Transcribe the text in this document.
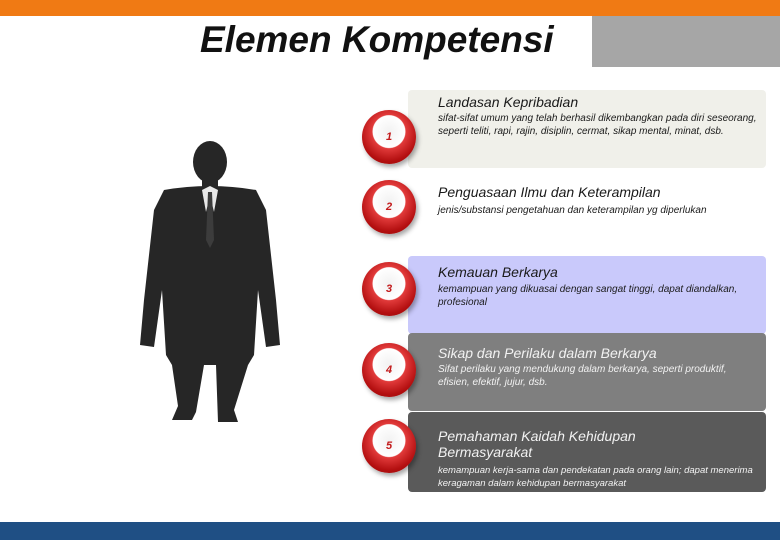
Elemen Kompetensi
1
Landasan Kepribadian
sifat-sifat umum yang telah berhasil dikembangkan pada diri seseorang, seperti teliti, rapi, rajin, disiplin, cermat, sikap mental, minat, dsb.
2
Penguasaan Ilmu dan Keterampilan
jenis/substansi pengetahuan dan keterampilan yg diperlukan
3
Kemauan Berkarya
kemampuan yang dikuasai dengan sangat tinggi, dapat diandalkan, profesional
4
Sikap dan Perilaku dalam Berkarya
Sifat perilaku yang mendukung dalam berkarya, seperti produktif, efisien, efektif, jujur, dsb.
5
Pemahaman Kaidah Kehidupan Bermasyarakat
kemampuan kerja-sama dan pendekatan pada orang lain; dapat menerima keragaman dalam kehidupan bermasyarakat
